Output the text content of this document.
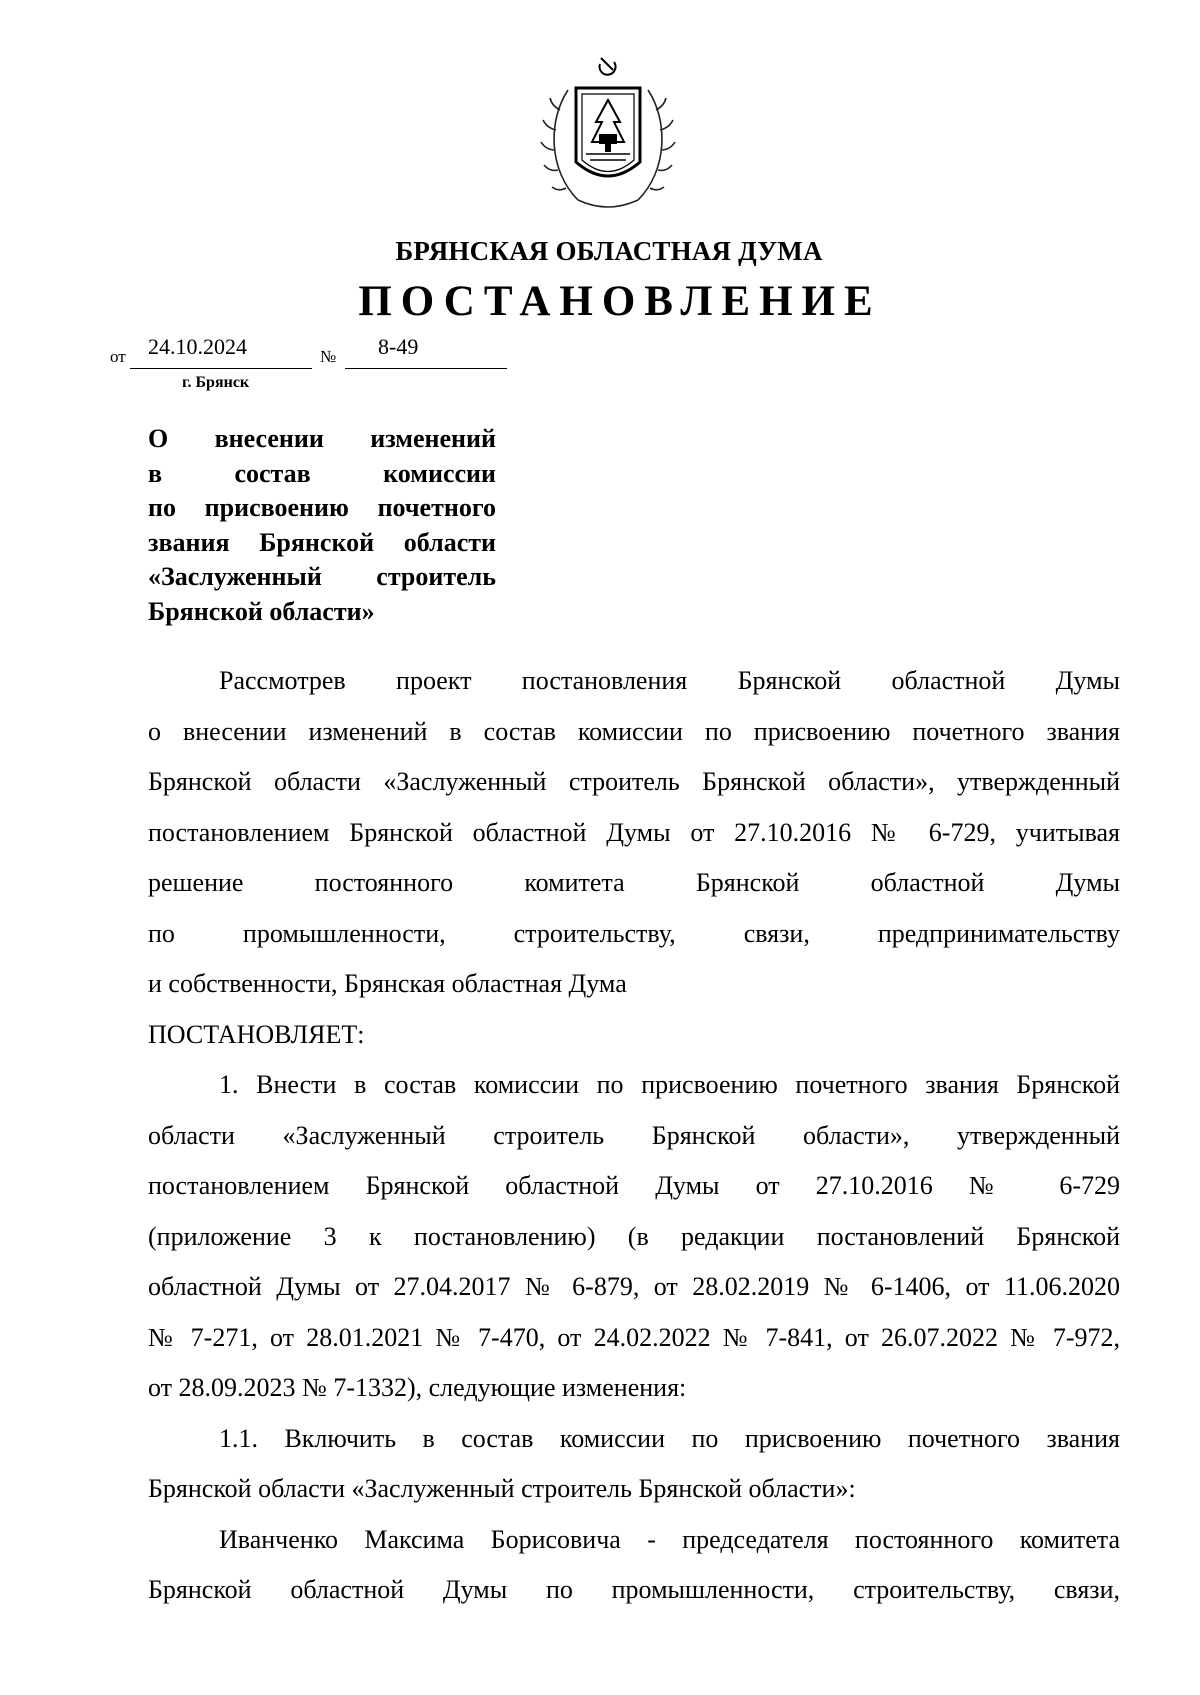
БРЯНСКАЯ ОБЛАСТНАЯ ДУМА
ПОСТАНОВЛЕНИЕ
от 24.10.2024	№ 8-49
г. Брянск
О внесении изменений
в состав комиссии
по присвоению почетного
звания Брянской области
«Заслуженный строитель
Брянской области»

Рассмотрев проект постановления Брянской областной Думы
о внесении изменений в состав комиссии по присвоению почетного звания
Брянской области «Заслуженный строитель Брянской области», утвержденный
постановлением Брянской областной Думы от 27.10.2016 № 6-729, учитывая
решение постоянного комитета Брянской областной Думы
по промышленности, строительству, связи, предпринимательству
и собственности, Брянская областная Дума

ПОСТАНОВЛЯЕТ:

1. Внести в состав комиссии по присвоению почетного звания Брянской
области «Заслуженный строитель Брянской области», утвержденный
постановлением Брянской областной Думы от 27.10.2016 № 6-729
(приложение 3 к постановлению) (в редакции постановлений Брянской
областной Думы от 27.04.2017 № 6-879, от 28.02.2019 № 6-1406, от 11.06.2020
№ 7-271, от 28.01.2021 № 7-470, от 24.02.2022 № 7-841, от 26.07.2022 № 7-972,
от 28.09.2023 № 7-1332), следующие изменения:

1.1. Включить в состав комиссии по присвоению почетного звания
Брянской области «Заслуженный строитель Брянской области»:

Иванченко Максима Борисовича - председателя постоянного комитета
Брянской областной Думы по промышленности, строительству, связи,
